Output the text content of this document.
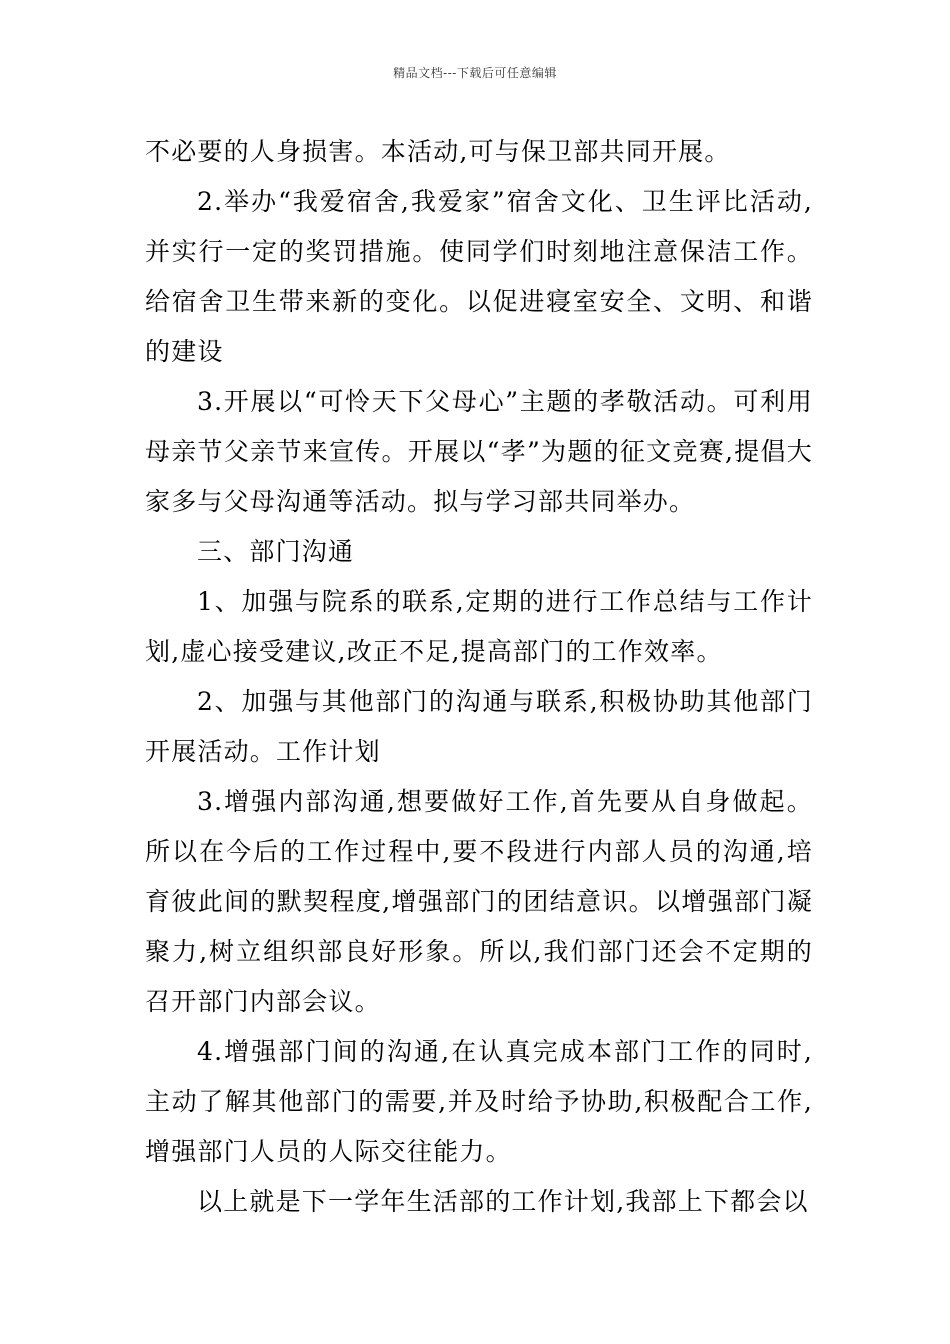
精品文档---下载后可任意编辑

不必要的人身损害。本活动,可与保卫部共同开展。

2.举办“我爱宿舍,我爱家”宿舍文化、卫生评比活动,并实行一定的奖罚措施。使同学们时刻地注意保洁工作。给宿舍卫生带来新的变化。以促进寝室安全、文明、和谐的建设

3.开展以“可怜天下父母心”主题的孝敬活动。可利用母亲节父亲节来宣传。开展以“孝”为题的征文竞赛,提倡大家多与父母沟通等活动。拟与学习部共同举办。

三、部门沟通

1、加强与院系的联系,定期的进行工作总结与工作计划,虚心接受建议,改正不足,提高部门的工作效率。

2、加强与其他部门的沟通与联系,积极协助其他部门开展活动。工作计划

3.增强内部沟通,想要做好工作,首先要从自身做起。所以在今后的工作过程中,要不段进行内部人员的沟通,培育彼此间的默契程度,增强部门的团结意识。以增强部门凝聚力,树立组织部良好形象。所以,我们部门还会不定期的召开部门内部会议。

4.增强部门间的沟通,在认真完成本部门工作的同时,主动了解其他部门的需要,并及时给予协助,积极配合工作,增强部门人员的人际交往能力。

以上就是下一学年生活部的工作计划,我部上下都会以
